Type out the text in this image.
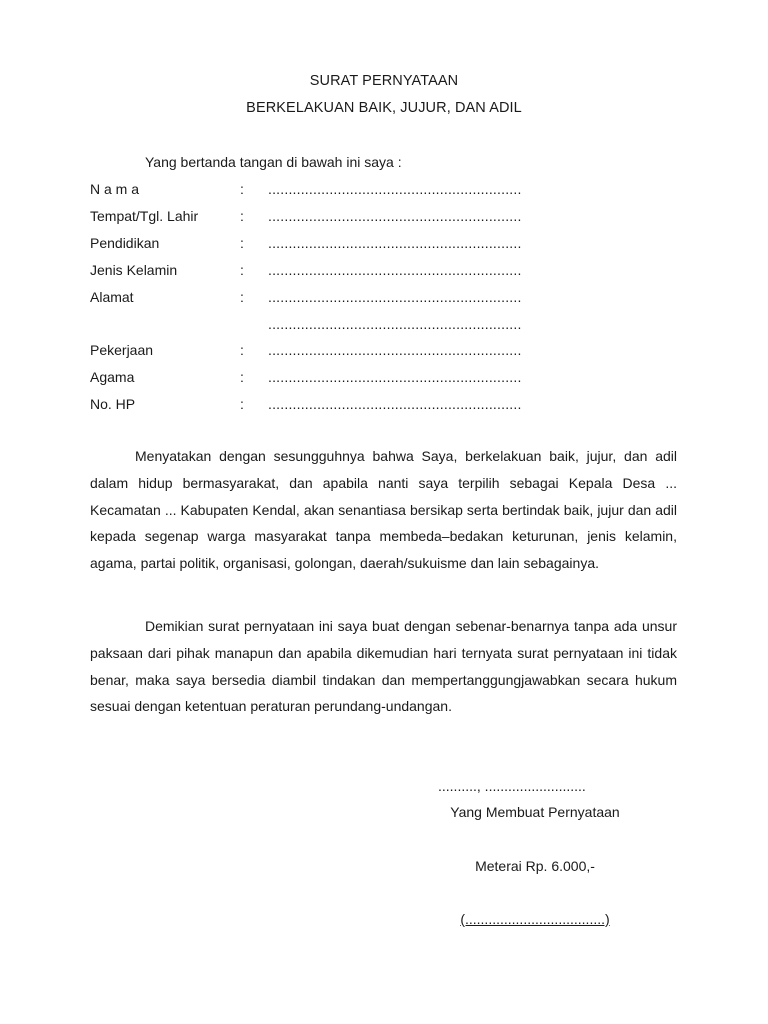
SURAT PERNYATAAN
BERKELAKUAN BAIK, JUJUR, DAN ADIL
Yang bertanda tangan di bawah ini saya :
N a m a	: ..............................................................
Tempat/Tgl. Lahir	: ..............................................................
Pendidikan	: ..............................................................
Jenis Kelamin	: ..............................................................
Alamat	: ..............................................................
..............................................................
Pekerjaan	: ..............................................................
Agama	: ..............................................................
No. HP	: ..............................................................

Menyatakan dengan sesungguhnya bahwa Saya, berkelakuan baik, jujur, dan adil dalam hidup bermasyarakat, dan apabila nanti saya terpilih sebagai Kepala Desa ... Kecamatan ... Kabupaten Kendal, akan senantiasa bersikap serta bertindak baik, jujur dan adil kepada segenap warga masyarakat tanpa membeda–bedakan keturunan, jenis kelamin, agama, partai politik, organisasi, golongan, daerah/sukuisme dan lain sebagainya.

Demikian surat pernyataan ini saya buat dengan sebenar-benarnya tanpa ada unsur paksaan dari pihak manapun dan apabila dikemudian hari ternyata surat pernyataan ini tidak benar, maka saya bersedia diambil tindakan dan mempertanggungjawabkan secara hukum sesuai dengan ketentuan peraturan perundang-undangan.

.........., ..........................
Yang Membuat Pernyataan
Meterai Rp. 6.000,-
(....................................)
